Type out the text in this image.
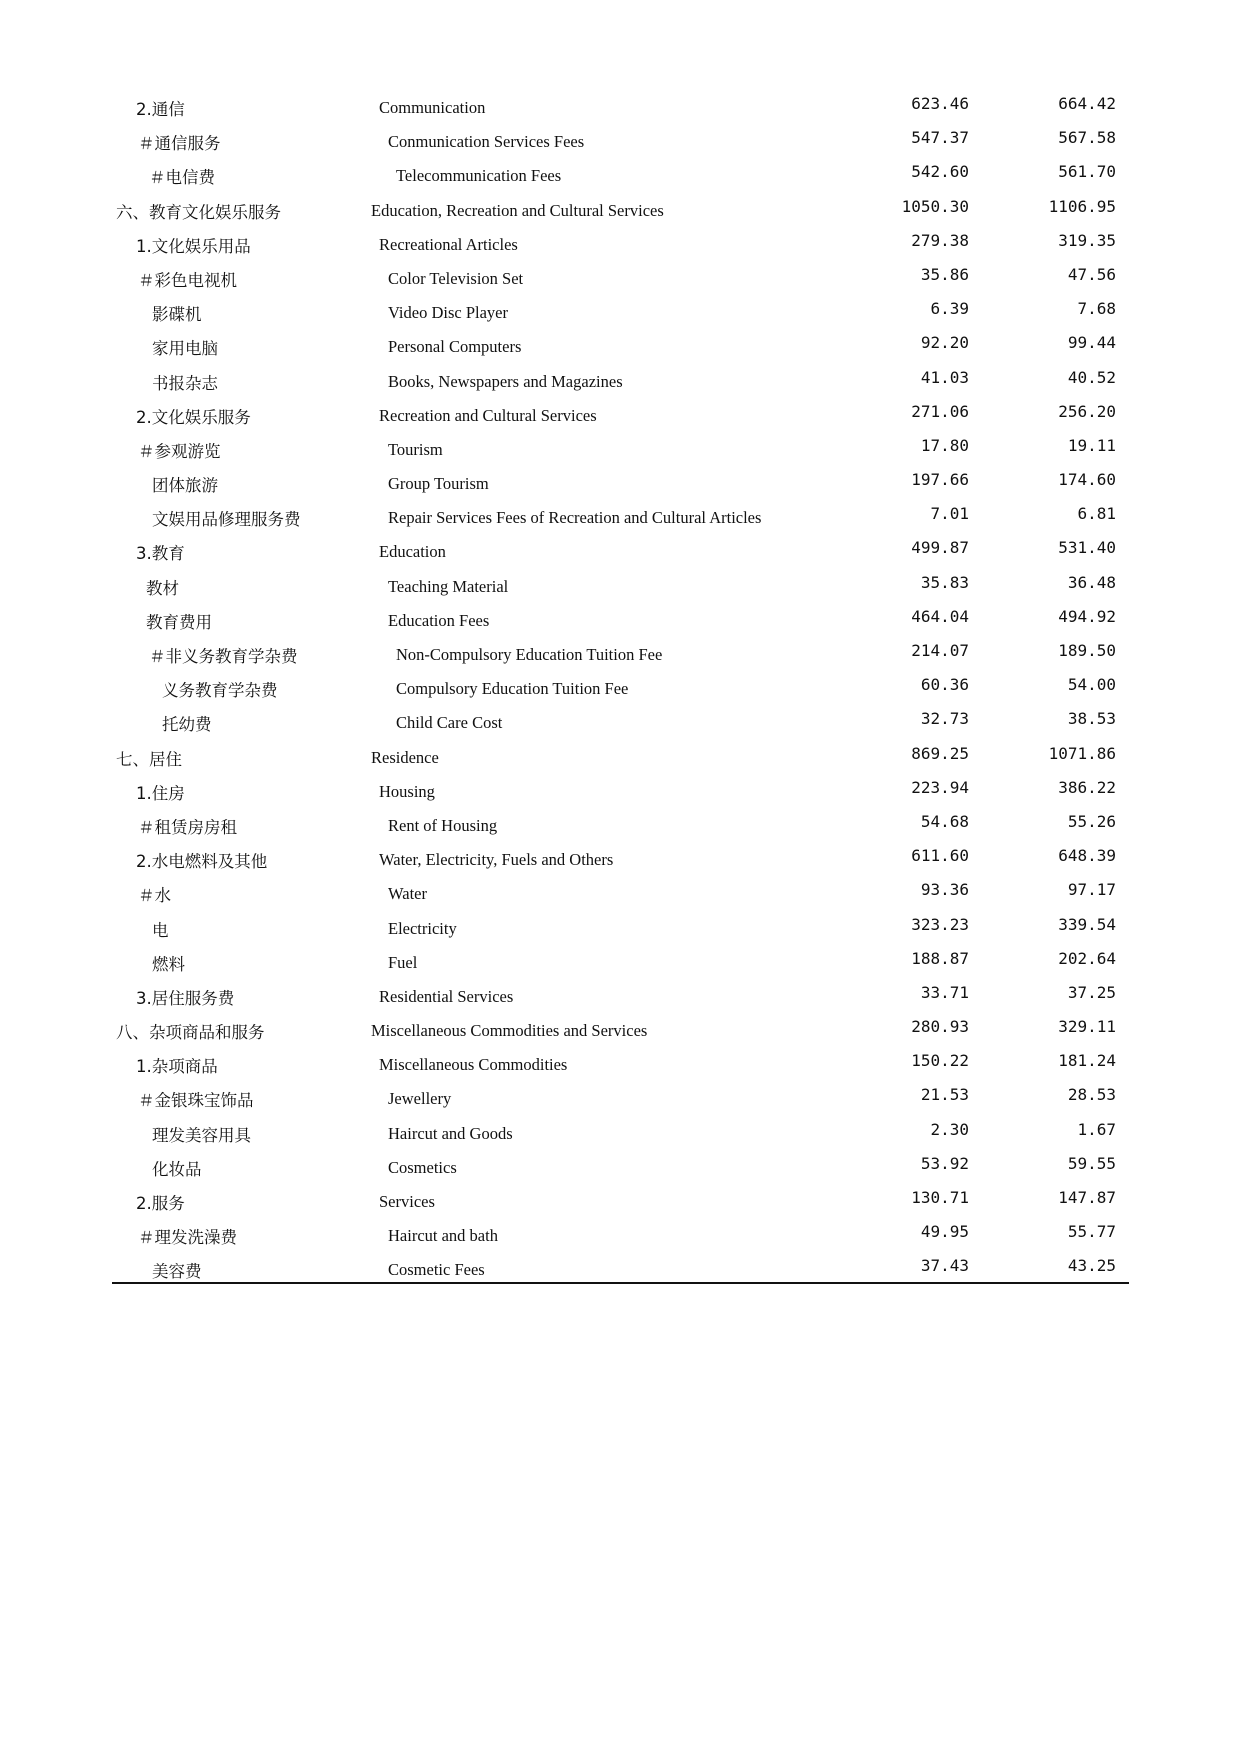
2.通信	Communication	623.46	664.42
＃通信服务	Conmunication Services Fees	547.37	567.58
＃电信费	Telecommunication Fees	542.60	561.70
六、教育文化娱乐服务	Education, Recreation and Cultural Services	1050.30	1106.95
1.文化娱乐用品	Recreational Articles	279.38	319.35
＃彩色电视机	Color Television Set	35.86	47.56
影碟机	Video Disc Player	6.39	7.68
家用电脑	Personal Computers	92.20	99.44
书报杂志	Books, Newspapers and Magazines	41.03	40.52
2.文化娱乐服务	Recreation and Cultural Services	271.06	256.20
＃参观游览	Tourism	17.80	19.11
团体旅游	Group Tourism	197.66	174.60
文娱用品修理服务费	Repair Services Fees of Recreation and Cultural Articles	7.01	6.81
3.教育	Education	499.87	531.40
教材	Teaching Material	35.83	36.48
教育费用	Education Fees	464.04	494.92
＃非义务教育学杂费	Non-Compulsory Education Tuition Fee	214.07	189.50
义务教育学杂费	Compulsory Education Tuition Fee	60.36	54.00
托幼费	Child Care Cost	32.73	38.53
七、居住	Residence	869.25	1071.86
1.住房	Housing	223.94	386.22
＃租赁房房租	Rent of Housing	54.68	55.26
2.水电燃料及其他	Water, Electricity, Fuels and Others	611.60	648.39
＃水	Water	93.36	97.17
电	Electricity	323.23	339.54
燃料	Fuel	188.87	202.64
3.居住服务费	Residential Services	33.71	37.25
八、杂项商品和服务	Miscellaneous Commodities and Services	280.93	329.11
1.杂项商品	Miscellaneous Commodities	150.22	181.24
＃金银珠宝饰品	Jewellery	21.53	28.53
理发美容用具	Haircut and Goods	2.30	1.67
化妆品	Cosmetics	53.92	59.55
2.服务	Services	130.71	147.87
＃理发洗澡费	Haircut and bath	49.95	55.77
美容费	Cosmetic Fees	37.43	43.25
